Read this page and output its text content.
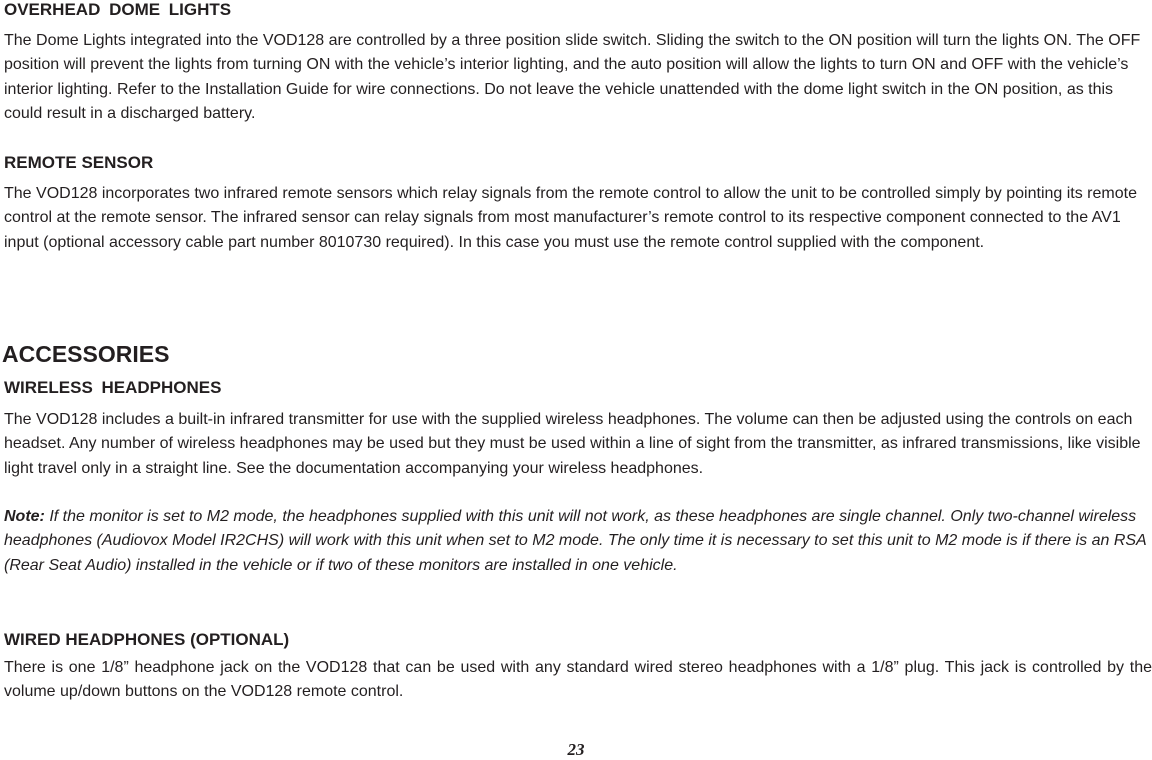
OVERHEAD DOME LIGHTS

The Dome Lights integrated into the VOD128 are controlled by a three position slide switch. Sliding the switch to the ON position will turn the lights ON. The OFF position will prevent the lights from turning ON with the vehicle’s interior lighting, and the auto position will allow the lights to turn ON and OFF with the vehicle’s interior lighting. Refer to the Installation Guide for wire connections. Do not leave the vehicle unattended with the dome light switch in the ON position, as this could result in a discharged battery.

REMOTE SENSOR

The VOD128 incorporates two infrared remote sensors which relay signals from the remote control to allow the unit to be controlled simply by pointing its remote control at the remote sensor. The infrared sensor can relay signals from most manufacturer’s remote control to its respective component connected to the AV1 input (optional accessory cable part number 8010730 required). In this case you must use the remote control supplied with the component.

ACCESSORIES
WIRELESS HEADPHONES

The VOD128 includes a built-in infrared transmitter for use with the supplied wireless headphones. The volume can then be adjusted using the controls on each headset. Any number of wireless headphones may be used but they must be used within a line of sight from the transmitter, as infrared transmissions, like visible light travel only in a straight line. See the documentation accompanying your wireless headphones.

Note: If the monitor is set to M2 mode, the headphones supplied with this unit will not work, as these headphones are single channel. Only two-channel wireless headphones (Audiovox Model IR2CHS) will work with this unit when set to M2 mode. The only time it is necessary to set this unit to M2 mode is if there is an RSA (Rear Seat Audio) installed in the vehicle or if two of these monitors are installed in one vehicle.

WIRED HEADPHONES (OPTIONAL)

There is one 1/8” headphone jack on the VOD128 that can be used with any standard wired stereo headphones with a 1/8” plug. This jack is controlled by the volume up/down buttons on the VOD128 remote control.

23
